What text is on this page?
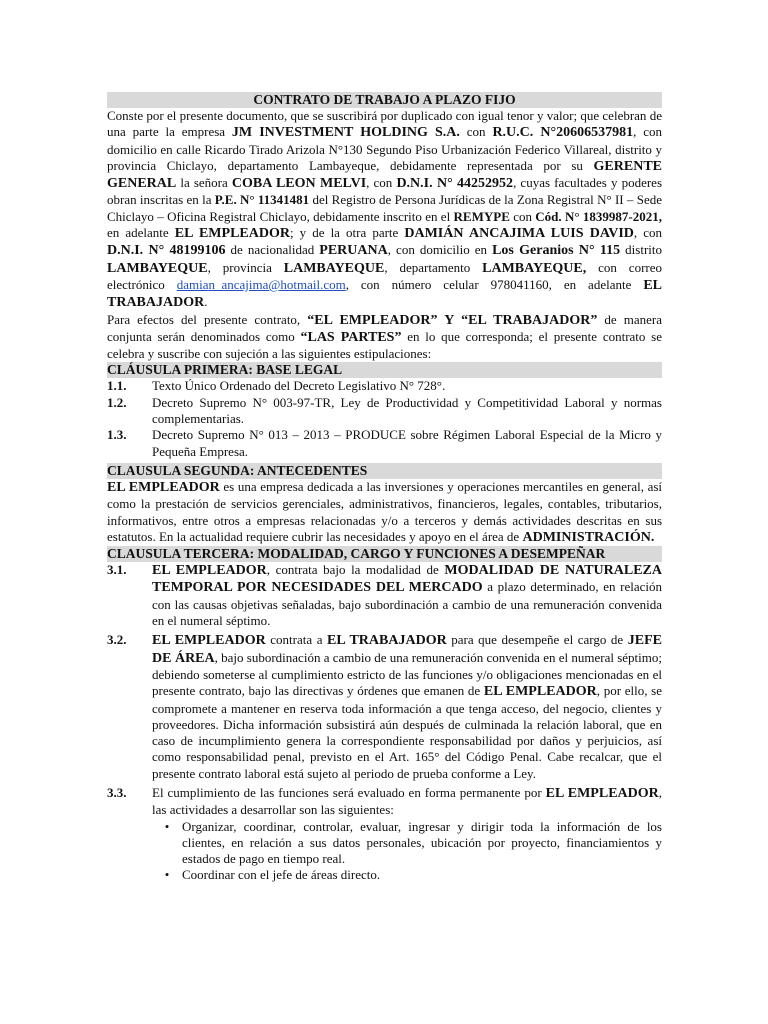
CONTRATO DE TRABAJO A PLAZO FIJO

Conste por el presente documento, que se suscribirá por duplicado con igual tenor y valor; que celebran de una parte la empresa JM INVESTMENT HOLDING S.A. con R.U.C. N°20606537981, con domicilio en calle Ricardo Tirado Arizola N°130 Segundo Piso Urbanización Federico Villareal, distrito y provincia Chiclayo, departamento Lambayeque, debidamente representada por su GERENTE GENERAL la señora COBA LEON MELVI, con D.N.I. N° 44252952, cuyas facultades y poderes obran inscritas en la P.E. N° 11341481 del Registro de Persona Jurídicas de la Zona Registral N° II – Sede Chiclayo – Oficina Registral Chiclayo, debidamente inscrito en el REMYPE con Cód. N° 1839987-2021, en adelante EL EMPLEADOR; y de la otra parte DAMIÁN ANCAJIMA LUIS DAVID, con D.N.I. N° 48199106 de nacionalidad PERUANA, con domicilio en Los Geranios N° 115 distrito LAMBAYEQUE, provincia LAMBAYEQUE, departamento LAMBAYEQUE, con correo electrónico damian_ancajima@hotmail.com, con número celular 978041160, en adelante EL TRABAJADOR.

Para efectos del presente contrato, “EL EMPLEADOR” Y “EL TRABAJADOR” de manera conjunta serán denominados como “LAS PARTES” en lo que corresponda; el presente contrato se celebra y suscribe con sujeción a las siguientes estipulaciones:

CLÁUSULA PRIMERA: BASE LEGAL
1.1.	Texto Único Ordenado del Decreto Legislativo N° 728°.
1.2.	Decreto Supremo N° 003-97-TR, Ley de Productividad y Competitividad Laboral y normas complementarias.
1.3.	Decreto Supremo N° 013 – 2013 – PRODUCE sobre Régimen Laboral Especial de la Micro y Pequeña Empresa.
CLAUSULA SEGUNDA: ANTECEDENTES

EL EMPLEADOR es una empresa dedicada a las inversiones y operaciones mercantiles en general, así como la prestación de servicios gerenciales, administrativos, financieros, legales, contables, tributarios, informativos, entre otros a empresas relacionadas y/o a terceros y demás actividades descritas en sus estatutos. En la actualidad requiere cubrir las necesidades y apoyo en el área de ADMINISTRACIÓN.

CLAUSULA TERCERA: MODALIDAD, CARGO Y FUNCIONES A DESEMPEÑAR
3.1.	EL EMPLEADOR, contrata bajo la modalidad de MODALIDAD DE NATURALEZA TEMPORAL POR NECESIDADES DEL MERCADO a plazo determinado, en relación con las causas objetivas señaladas, bajo subordinación a cambio de una remuneración convenida en el numeral séptimo.
3.2.	EL EMPLEADOR contrata a EL TRABAJADOR para que desempeñe el cargo de JEFE DE ÁREA, bajo subordinación a cambio de una remuneración convenida en el numeral séptimo; debiendo someterse al cumplimiento estricto de las funciones y/o obligaciones mencionadas en el presente contrato, bajo las directivas y órdenes que emanen de EL EMPLEADOR, por ello, se compromete a mantener en reserva toda información a que tenga acceso, del negocio, clientes y proveedores. Dicha información subsistirá aún después de culminada la relación laboral, que en caso de incumplimiento genera la correspondiente responsabilidad por daños y perjuicios, así como responsabilidad penal, previsto en el Art. 165° del Código Penal. Cabe recalcar, que el presente contrato laboral está sujeto al periodo de prueba conforme a Ley.
3.3.	El cumplimiento de las funciones será evaluado en forma permanente por EL EMPLEADOR, las actividades a desarrollar son las siguientes:
• Organizar, coordinar, controlar, evaluar, ingresar y dirigir toda la información de los clientes, en relación a sus datos personales, ubicación por proyecto, financiamientos y estados de pago en tiempo real.
• Coordinar con el jefe de áreas directo.
